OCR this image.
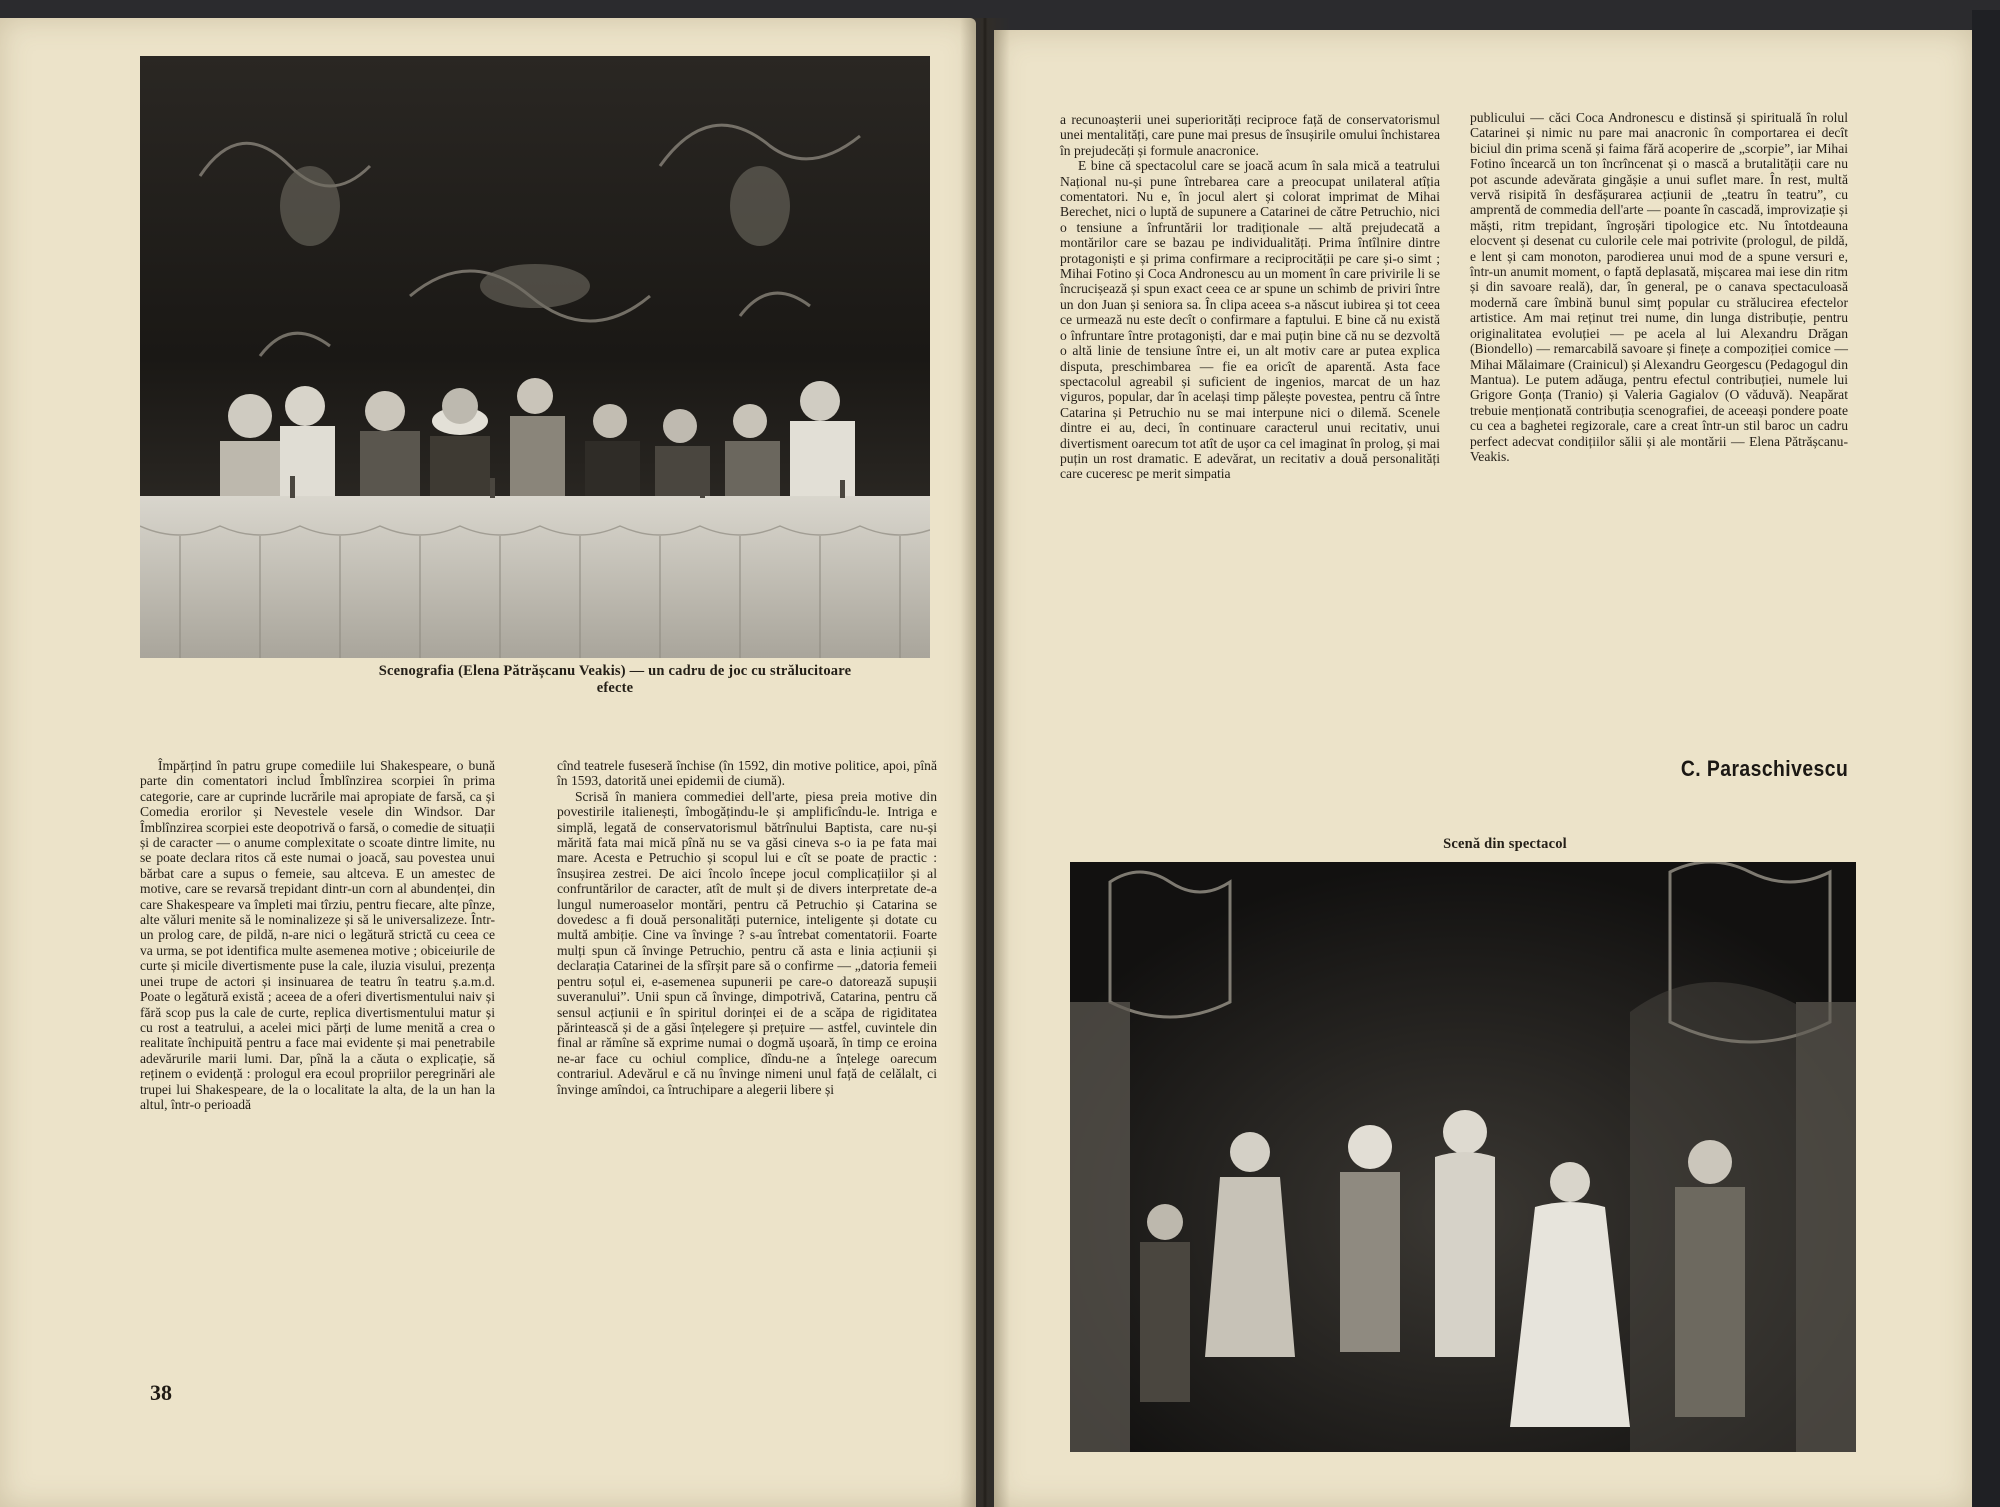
Scenografia (Elena Pătrășcanu Veakis) — un cadru de joc cu strălucitoare
efecte

Împărțind în patru grupe comediile lui Shakespeare, o bună parte din comentatori includ Îmblînzirea scorpiei în prima categorie, care ar cuprinde lucrările mai apropiate de farsă, ca și Comedia erorilor și Nevestele vesele din Windsor. Dar Îmblînzirea scorpiei este deopotrivă o farsă, o comedie de situații și de caracter — o anume complexitate o scoate dintre limite, nu se poate declara ritos că este numai o joacă, sau povestea unui bărbat care a supus o femeie, sau altceva. E un amestec de motive, care se revarsă trepidant dintr-un corn al abundenței, din care Shakespeare va împleti mai tîrziu, pentru fiecare, alte pînze, alte văluri menite să le nominalizeze și să le universalizeze. Într-un prolog care, de pildă, n-are nici o legătură strictă cu ceea ce va urma, se pot identifica multe asemenea motive ; obiceiurile de curte și micile divertismente puse la cale, iluzia visului, prezența unei trupe de actori și insinuarea de teatru în teatru ș.a.m.d. Poate o legătură există ; aceea de a oferi divertismentului naiv și fără scop pus la cale de curte, replica divertismentului matur și cu rost a teatrului, a acelei mici părți de lume menită a crea o realitate închipuită pentru a face mai evidente și mai penetrabile adevărurile marii lumi. Dar, pînă la a căuta o explicație, să reținem o evidență : prologul era ecoul propriilor peregrinări ale trupei lui Shakespeare, de la o localitate la alta, de la un han la altul, într-o perioadă

cînd teatrele fuseseră închise (în 1592, din motive politice, apoi, pînă în 1593, datorită unei epidemii de ciumă).

Scrisă în maniera commediei dell'arte, piesa preia motive din povestirile italienești, îmbogățindu-le și amplificîndu-le. Intriga e simplă, legată de conservatorismul bătrînului Baptista, care nu-și mărită fata mai mică pînă nu se va găsi cineva s-o ia pe fata mai mare. Acesta e Petruchio și scopul lui e cît se poate de practic : însușirea zestrei. De aici încolo începe jocul complicațiilor și al confruntărilor de caracter, atît de mult și de divers interpretate de-a lungul numeroaselor montări, pentru că Petruchio și Catarina se dovedesc a fi două personalități puternice, inteligente și dotate cu multă ambiție. Cine va învinge ? s-au întrebat comentatorii. Foarte mulți spun că învinge Petruchio, pentru că asta e linia acțiunii și declarația Catarinei de la sfîrșit pare să o confirme — „datoria femeii pentru soțul ei, e-asemenea supunerii pe care-o datorează supușii suveranului”. Unii spun că învinge, dimpotrivă, Catarina, pentru că sensul acțiunii e în spiritul dorinței ei de a scăpa de rigiditatea părintească și de a găsi înțelegere și prețuire — astfel, cuvintele din final ar rămîne să exprime numai o dogmă ușoară, în timp ce eroina ne-ar face cu ochiul complice, dîndu-ne a înțelege oarecum contrariul. Adevărul e că nu învinge nimeni unul față de celălalt, ci învinge amîndoi, ca întruchipare a alegerii libere și

38

a recunoașterii unei superiorități reciproce față de conservatorismul unei mentalități, care pune mai presus de însușirile omului închistarea în prejudecăți și formule anacronice.

E bine că spectacolul care se joacă acum în sala mică a teatrului Național nu-și pune întrebarea care a preocupat unilateral atîția comentatori. Nu e, în jocul alert și colorat imprimat de Mihai Berechet, nici o luptă de supunere a Catarinei de către Petruchio, nici o tensiune a înfruntării lor tradiționale — altă prejudecată a montărilor care se bazau pe individualități. Prima întîlnire dintre protagoniști e și prima confirmare a reciprocității pe care și-o simt ; Mihai Fotino și Coca Andronescu au un moment în care privirile li se încrucișează și spun exact ceea ce ar spune un schimb de priviri între un don Juan și seniora sa. În clipa aceea s-a născut iubirea și tot ceea ce urmează nu este decît o confirmare a faptului. E bine că nu există o înfruntare între protagoniști, dar e mai puțin bine că nu se dezvoltă o altă linie de tensiune între ei, un alt motiv care ar putea explica disputa, preschimbarea — fie ea oricît de aparentă. Asta face spectacolul agreabil și suficient de ingenios, marcat de un haz viguros, popular, dar în același timp pălește povestea, pentru că între Catarina și Petruchio nu se mai interpune nici o dilemă. Scenele dintre ei au, deci, în continuare caracterul unui recitativ, unui divertisment oarecum tot atît de ușor ca cel imaginat în prolog, și mai puțin un rost dramatic. E adevărat, un recitativ a două personalități care cuceresc pe merit simpatia

publicului — căci Coca Andronescu e distinsă și spirituală în rolul Catarinei și nimic nu pare mai anacronic în comportarea ei decît biciul din prima scenă și faima fără acoperire de „scorpie”, iar Mihai Fotino încearcă un ton încrîncenat și o mască a brutalității care nu pot ascunde adevărata gingășie a unui suflet mare. În rest, multă vervă risipită în desfășurarea acțiunii de „teatru în teatru”, cu amprentă de commedia dell'arte — poante în cascadă, improvizație și măști, ritm trepidant, îngroșări tipologice etc. Nu întotdeauna elocvent și desenat cu culorile cele mai potrivite (prologul, de pildă, e lent și cam monoton, parodierea unui mod de a spune versuri e, într-un anumit moment, o faptă deplasată, mișcarea mai iese din ritm și din savoare reală), dar, în general, pe o canava spectaculoasă modernă care îmbină bunul simț popular cu strălucirea efectelor artistice. Am mai reținut trei nume, din lunga distribuție, pentru originalitatea evoluției — pe acela al lui Alexandru Drăgan (Biondello) — remarcabilă savoare și finețe a compoziției comice — Mihai Mălaimare (Crainicul) și Alexandru Georgescu (Pedagogul din Mantua). Le putem adăuga, pentru efectul contribuției, numele lui Grigore Gonța (Tranio) și Valeria Gagialov (O văduvă). Neapărat trebuie menționată contribuția scenografiei, de aceeași pondere poate cu cea a baghetei regizorale, care a creat într-un stil baroc un cadru perfect adecvat condițiilor sălii și ale montării — Elena Pătrășcanu-Veakis.

C. Paraschivescu
Scenă din spectacol
